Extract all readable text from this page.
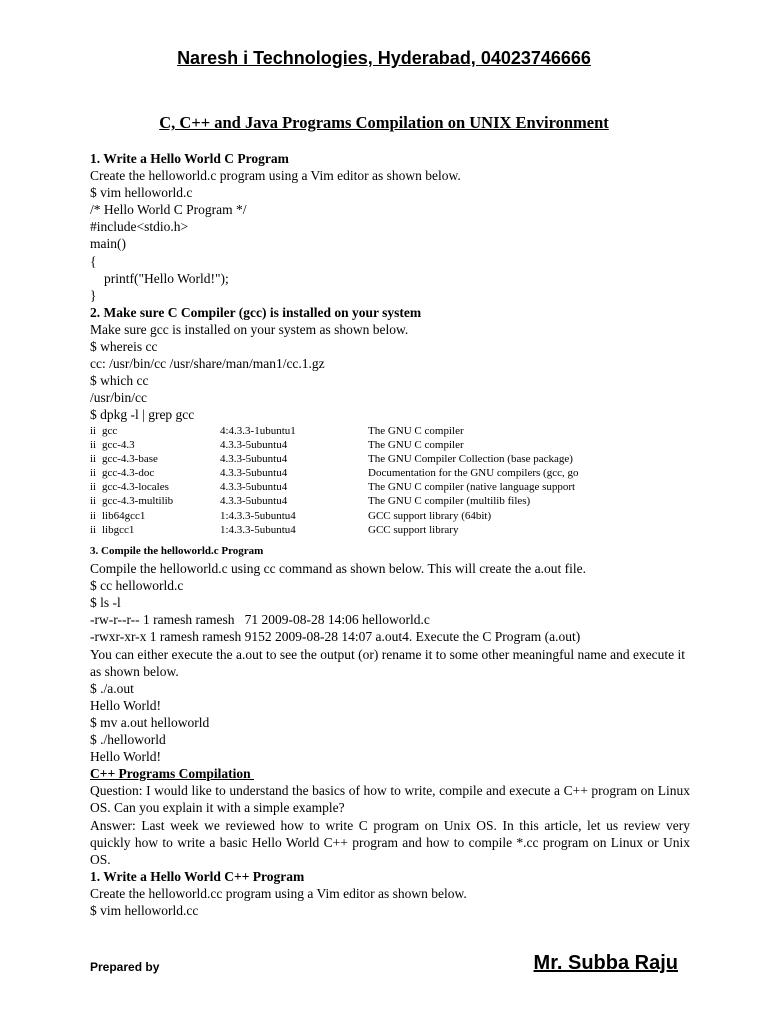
Naresh i Technologies, Hyderabad, 04023746666
C, C++ and Java Programs Compilation on UNIX Environment
1. Write a Hello World C Program
Create the helloworld.c program using a Vim editor as shown below.
$ vim helloworld.c
/* Hello World C Program */
#include<stdio.h>
main()
{
printf("Hello World!");
}
2. Make sure C Compiler (gcc) is installed on your system
Make sure gcc is installed on your system as shown below.
$ whereis cc
cc: /usr/bin/cc /usr/share/man/man1/cc.1.gz
$ which cc
/usr/bin/cc
$ dpkg -l | grep gcc
ii gcc	4:4.3.3-1ubuntu1	The GNU C compiler
ii gcc-4.3	4.3.3-5ubuntu4	The GNU C compiler
ii gcc-4.3-base	4.3.3-5ubuntu4	The GNU Compiler Collection (base package)
ii gcc-4.3-doc	4.3.3-5ubuntu4	Documentation for the GNU compilers (gcc, go
ii gcc-4.3-locales	4.3.3-5ubuntu4	The GNU C compiler (native language support
ii gcc-4.3-multilib	4.3.3-5ubuntu4	The GNU C compiler (multilib files)
ii lib64gcc1	1:4.3.3-5ubuntu4	GCC support library (64bit)
ii libgcc1	1:4.3.3-5ubuntu4	GCC support library
3. Compile the helloworld.c Program
Compile the helloworld.c using cc command as shown below. This will create the a.out file.
$ cc helloworld.c
$ ls -l
-rw-r--r-- 1 ramesh ramesh   71 2009-08-28 14:06 helloworld.c
-rwxr-xr-x 1 ramesh ramesh 9152 2009-08-28 14:07 a.out4. Execute the C Program (a.out)
You can either execute the a.out to see the output (or) rename it to some other meaningful name and execute it as shown below.
$ ./a.out
Hello World!
$ mv a.out helloworld
$ ./helloworld
Hello World!
C++ Programs Compilation
Question: I would like to understand the basics of how to write, compile and execute a C++ program on Linux OS. Can you explain it with a simple example?
Answer: Last week we reviewed how to write C program on Unix OS. In this article, let us review very quickly how to write a basic Hello World C++ program and how to compile *.cc program on Linux or Unix OS.
1. Write a Hello World C++ Program
Create the helloworld.cc program using a Vim editor as shown below.
$ vim helloworld.cc
Prepared by	Mr. Subba Raju
